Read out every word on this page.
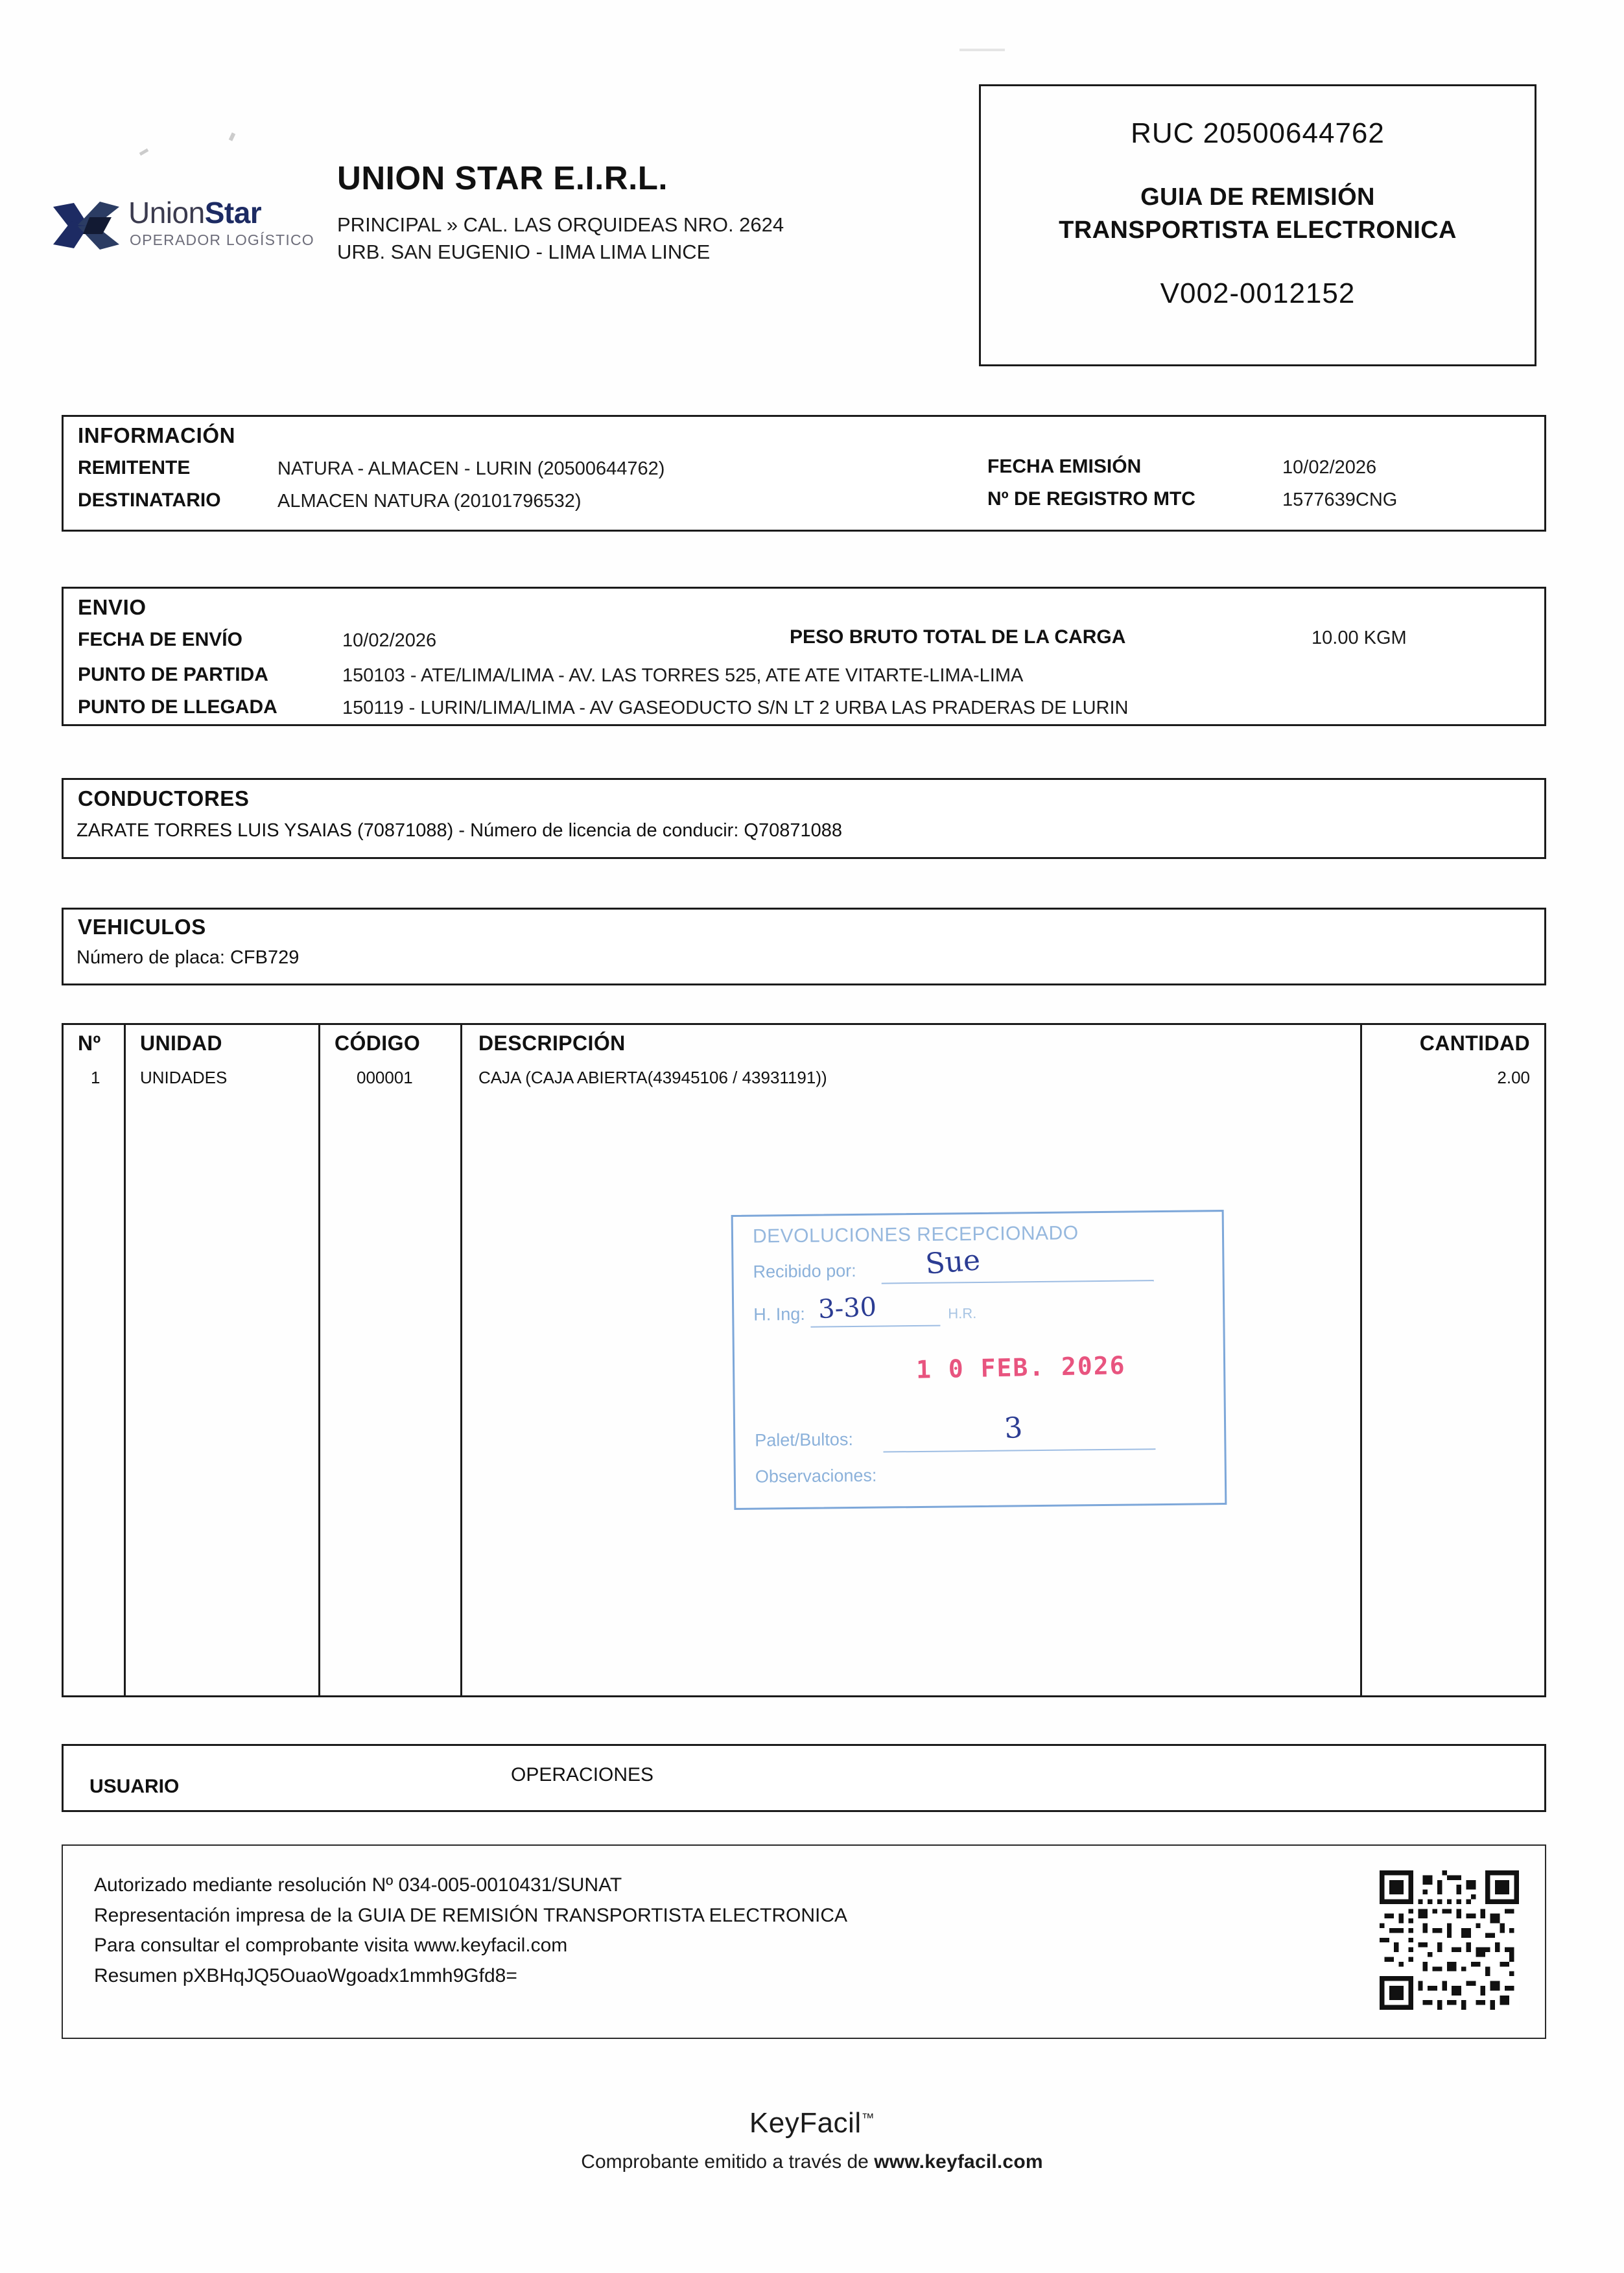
UnionStar
OPERADOR LOGÍSTICO
UNION STAR E.I.R.L.
PRINCIPAL » CAL. LAS ORQUIDEAS NRO. 2624
URB. SAN EUGENIO - LIMA LIMA LINCE
RUC 20500644762
GUIA DE REMISIÓN
TRANSPORTISTA ELECTRONICA
V002-0012152
INFORMACIÓN
REMITENTE	NATURA - ALMACEN - LURIN (20500644762)
DESTINATARIO	ALMACEN NATURA (20101796532)
FECHA EMISIÓN	10/02/2026
Nº DE REGISTRO MTC	1577639CNG
ENVIO
FECHA DE ENVÍO	10/02/2026	PESO BRUTO TOTAL DE LA CARGA	10.00 KGM
PUNTO DE PARTIDA	150103 - ATE/LIMA/LIMA - AV. LAS TORRES 525, ATE ATE VITARTE-LIMA-LIMA
PUNTO DE LLEGADA	150119 - LURIN/LIMA/LIMA - AV GASEODUCTO S/N LT 2 URBA LAS PRADERAS DE LURIN
CONDUCTORES
ZARATE TORRES LUIS YSAIAS (70871088) - Número de licencia de conducir: Q70871088
VEHICULOS
Número de placa: CFB729
Nº UNIDAD	CÓDIGO	DESCRIPCIÓN	CANTIDAD
1 UNIDADES	000001	CAJA (CAJA ABIERTA(43945106 / 43931191))	2.00
DEVOLUCIONES RECEPCIONADO
Recibido por: Sue
H. Ing: 3-30	H.R.
1 0 FEB. 2026
Palet/Bultos:	3
Observaciones:
USUARIO
OPERACIONES
Autorizado mediante resolución Nº 034-005-0010431/SUNAT
Representación impresa de la GUIA DE REMISIÓN TRANSPORTISTA ELECTRONICA
Para consultar el comprobante visita www.keyfacil.com
Resumen pXBHqJQ5OuaoWgoadx1mmh9Gfd8=
KeyFacil™
Comprobante emitido a través de www.keyfacil.com
